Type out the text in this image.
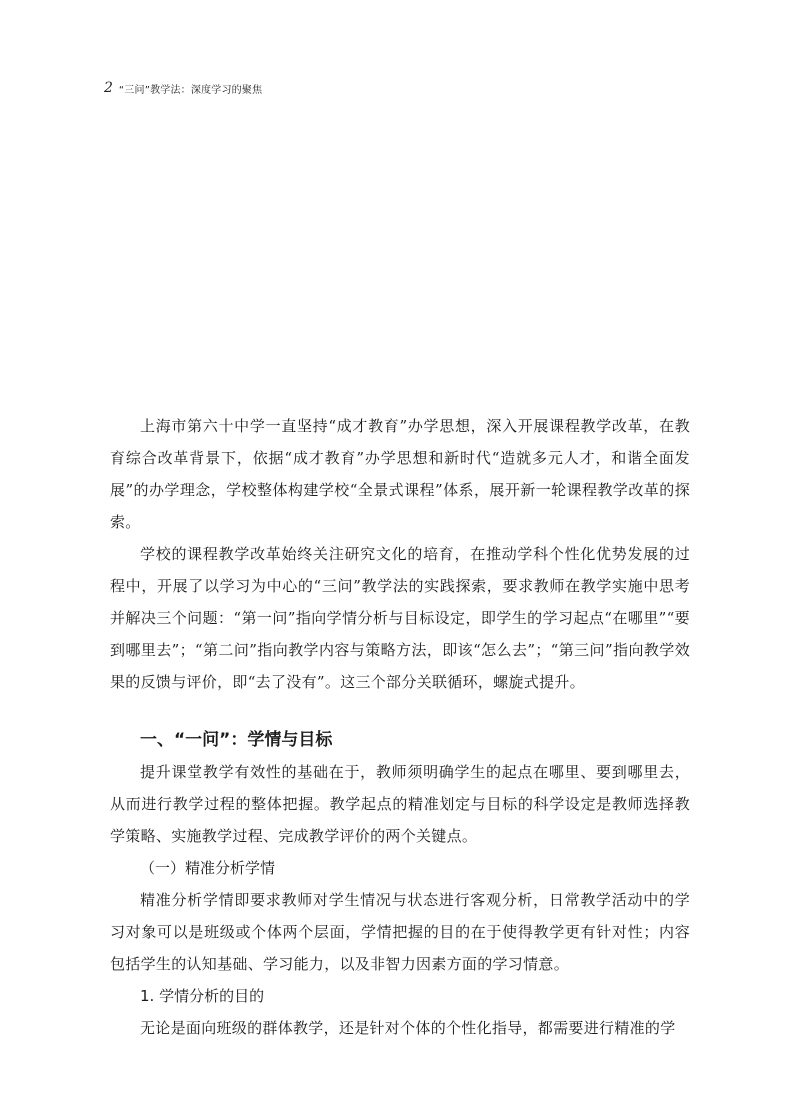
2 “三问”教学法：深度学习的聚焦

上海市第六十中学一直坚持“成才教育”办学思想，深入开展课程教学改革，在教育综合改革背景下，依据“成才教育”办学思想和新时代“造就多元人才，和谐全面发展”的办学理念，学校整体构建学校“全景式课程”体系，展开新一轮课程教学改革的探索。

学校的课程教学改革始终关注研究文化的培育，在推动学科个性化优势发展的过程中，开展了以学习为中心的“三问”教学法的实践探索，要求教师在教学实施中思考并解决三个问题：“第一问”指向学情分析与目标设定，即学生的学习起点“在哪里”“要到哪里去”；“第二问”指向教学内容与策略方法，即该“怎么去”；“第三问”指向教学效果的反馈与评价，即“去了没有”。这三个部分关联循环，螺旋式提升。

一、“一问”：学情与目标

提升课堂教学有效性的基础在于，教师须明确学生的起点在哪里、要到哪里去，从而进行教学过程的整体把握。教学起点的精准划定与目标的科学设定是教师选择教学策略、实施教学过程、完成教学评价的两个关键点。

（一）精准分析学情

精准分析学情即要求教师对学生情况与状态进行客观分析，日常教学活动中的学习对象可以是班级或个体两个层面，学情把握的目的在于使得教学更有针对性；内容包括学生的认知基础、学习能力，以及非智力因素方面的学习情意。

1. 学情分析的目的

无论是面向班级的群体教学，还是针对个体的个性化指导，都需要进行精准的学
